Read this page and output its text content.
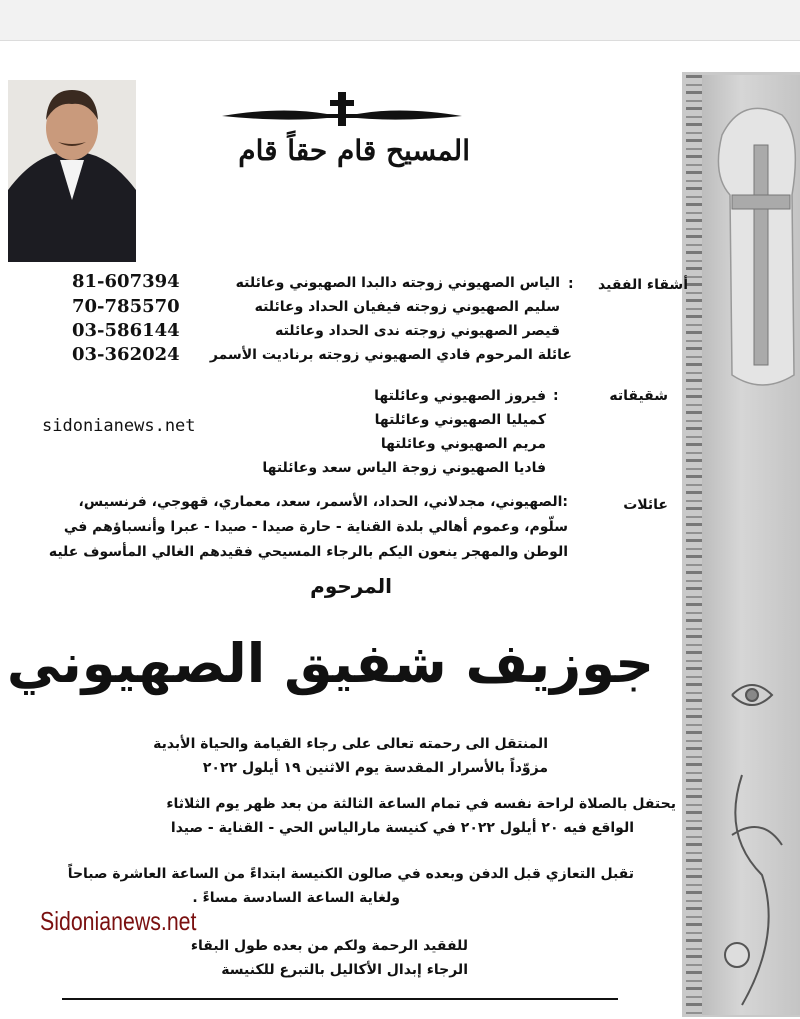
المسيح قام حقاً قام
أشقاء الفقيد
:
الياس الصهيوني زوجته دالبدا الصهيوني وعائلته
81-607394
سليم الصهيوني زوجته فيفيان الحداد وعائلته
70-785570
قيصر الصهيوني زوجته ندى الحداد وعائلته
03-586144
عائلة المرحوم فادي الصهيوني زوجته برناديت الأسمر
03-362024
شقيقاته
:
فيروز الصهيوني وعائلتها
كميليا الصهيوني وعائلتها
مريم الصهيوني وعائلتها
فاديا الصهيوني زوجة الياس سعد وعائلتها
sidonianews.net
عائلات
:الصهيوني، مجدلاني، الحداد، الأسمر، سعد، معماري، قهوجي، فرنسيس،
سلّوم، وعموم أهالي بلدة القناية - حارة صيدا - صيدا - عبرا وأنسباؤهم في
الوطن والمهجر ينعون اليكم بالرجاء المسيحي فقيدهم الغالي المأسوف عليه
المرحوم
جوزيف شفيق الصهيوني
المنتقل الى رحمته تعالى على رجاء القيامة والحياة الأبدية
مزوّداً بالأسرار المقدسة يوم الاثنين ١٩ أيلول ٢٠٢٢
يحتفل بالصلاة لراحة نفسه في تمام الساعة الثالثة من بعد ظهر يوم الثلاثاء
الواقع فيه ٢٠ أيلول ٢٠٢٢ في كنيسة مارالياس الحي - القناية - صيدا
تقبل التعازي قبل الدفن وبعده في صالون الكنيسة ابتداءً من الساعة العاشرة صباحاً
ولغاية الساعة السادسة مساءً .
Sidonianews.net
للفقيد الرحمة ولكم من بعده طول البقاء
الرجاء إبدال الأكاليل بالتبرع للكنيسة
